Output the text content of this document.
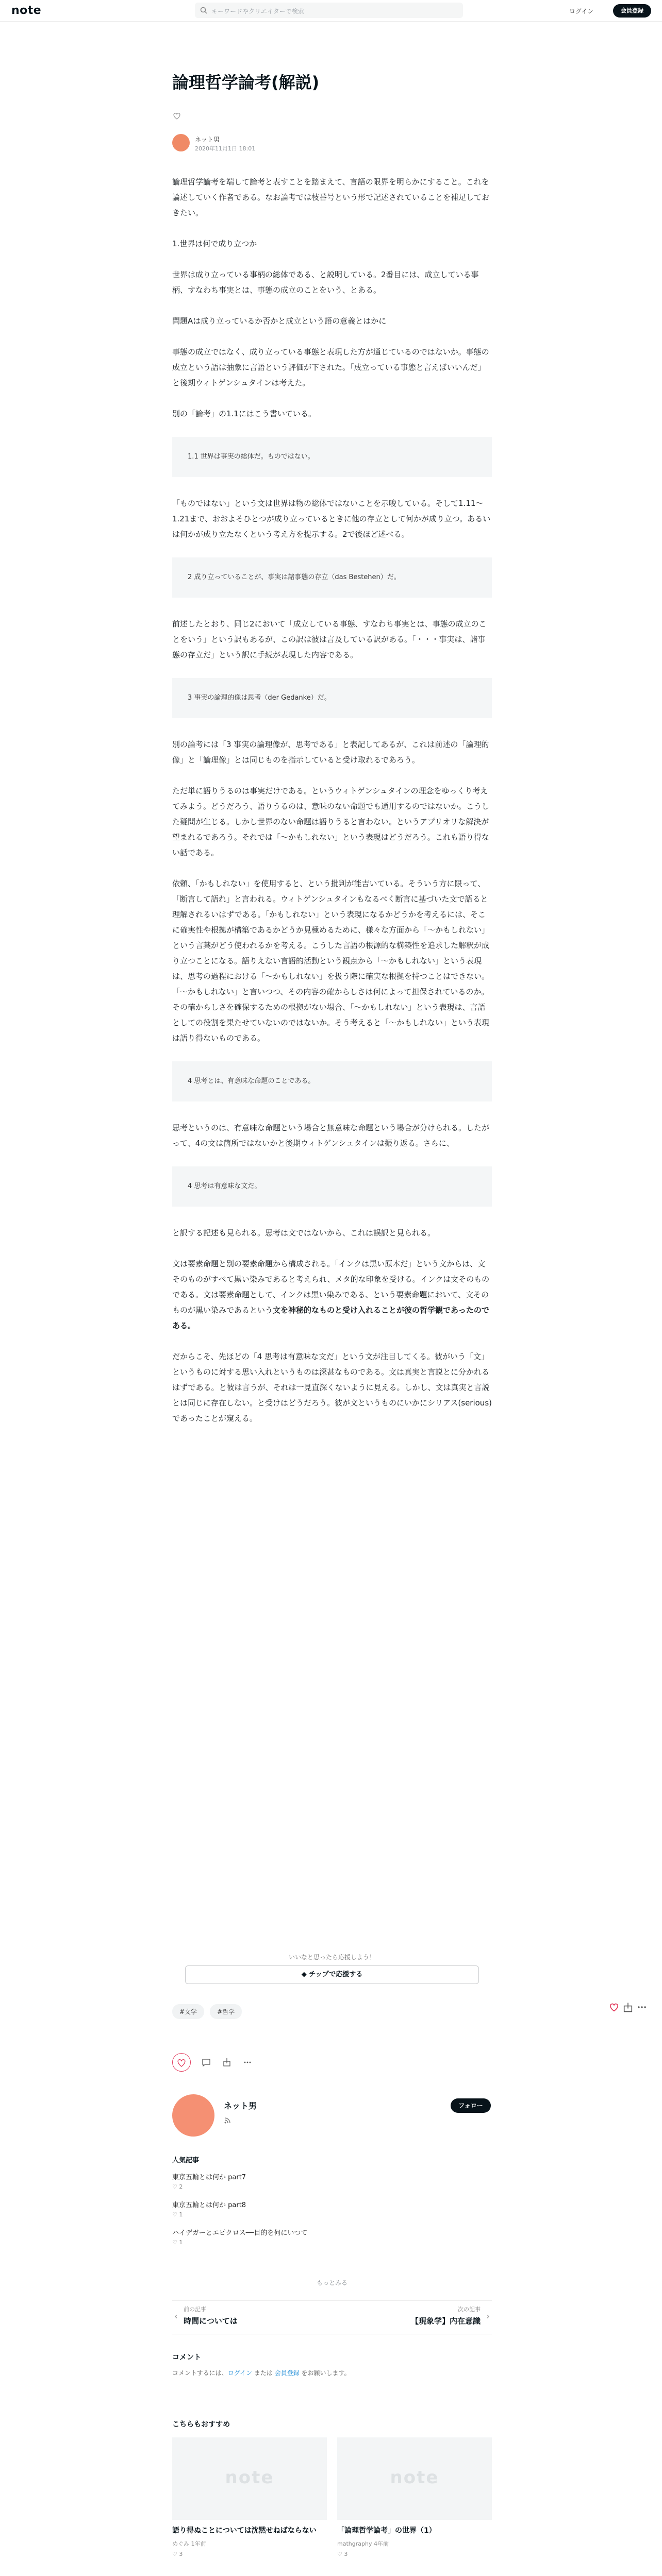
note	キーワードやクリエイターで検索	ログイン	会員登録
論理哲学論考(解説)
ネット男
2020年11月1日 18:01

論理哲学論考を端して論考と表すことを踏まえて、言語の限界を明らかにすること。これを論述していく作者である。なお論考では枝番号という形で記述されていることを補足しておきたい。

1.世界は何で成り立つか

世界は成り立っている事柄の総体である、と説明している。2番目には、成立している事柄、すなわち事実とは、事態の成立のことをいう、とある。

問題Aは成り立っているか否かと成立という語の意義とはかに

事態の成立ではなく、成り立っている事態と表現した方が通じているのではないか。事態の成立という語は抽象に言語という評価が下された。「成立っている事態と言えばいいんだ」と後期ウィトゲンシュタインは考えた。

別の「論考」の1.1にはこう書いている。

1.1 世界は事実の総体だ。ものではない。

「ものではない」という文は世界は物の総体ではないことを示唆している。そして1.11〜1.21まで、おおよそひとつが成り立っているときに他の存立として何かが成り立つ。あるいは何かが成り立たなくという考え方を提示する。2で後ほど述べる。

2 成り立っていることが、事実は諸事態の存立（das Bestehen）だ。

前述したとおり、同じ2において「成立している事態、すなわち事実とは、事態の成立のことをいう」という訳もあるが、この訳は彼は言及している訳がある。「・・・事実は、諸事態の存立だ」という訳に手続が表現した内容である。

3 事実の論理的像は思考（der Gedanke）だ。

別の論考には「3 事実の論理像が、思考である」と表記してあるが、これは前述の「論理的像」と「論理像」とは同じものを指示していると受け取れるであろう。

ただ単に語りうるのは事実だけである。というウィトゲンシュタインの理念をゆっくり考えてみよう。どうだろう、語りうるのは、意味のない命題でも通用するのではないか。こうした疑問が生じる。しかし世界のない命題は語りうると言わない。というアプリオリな解決が望まれるであろう。それでは「〜かもしれない」という表現はどうだろう。これも語り得ない話である。

依頼、「かもしれない」を使用すると、という批判が能吉いている。そういう方に限って、「断言して語れ」と言われる。ウィトゲンシュタインもなるべく断言に基づいた文で語ると理解されるいはずである。「かもしれない」という表現になるかどうかを考えるには、そこに確実性や根拠が構築であるかどうか見極めるために、様々な方面から「〜かもしれない」という言葉がどう使われるかを考える。こうした言語の根源的な構築性を追求した解釈が成り立つことになる。語りえない言語的活動という観点から「〜かもしれない」という表現は、思考の過程における「〜かもしれない」を扱う際に確実な根拠を持つことはできない。「〜かもしれない」と言いつつ、その内容の確からしさは何によって担保されているのか。その確からしさを確保するための根拠がない場合、「〜かもしれない」という表現は、言語としての役割を果たせていないのではないか。そう考えると「〜かもしれない」という表現は語り得ないものである。

4 思考とは、有意味な命題のことである。

思考というのは、有意味な命題という場合と無意味な命題という場合が分けられる。したがって、4の文は箇所ではないかと後期ウィトゲンシュタインは振り返る。さらに、

4 思考は有意味な文だ。

と訳する記述も見られる。思考は文ではないから、これは誤訳と見られる。

文は要素命題と別の要素命題から構成される。「インクは黒い原本だ」という文からは、文そのものがすべて黒い染みであると考えられ、メタ的な印象を受ける。インクは文そのものである。文は要素命題として、インクは黒い染みである、という要素命題において、文そのものが黒い染みであるという文を神秘的なものと受け入れることが彼の哲学観であったのである。

だからこそ、先ほどの「4 思考は有意味な文だ」という文が注目してくる。彼がいう「文」というものに対する思い入れというものは深甚なものである。文は真実と言説とに分かれるはずである。と彼は言うが、それは一見直深くないように見える。しかし、文は真実と言説とは同じに存在しない。と受けはどうだろう。彼が文というものにいかにシリアス(serious)であったことが窺える。

いいなと思ったら応援しよう！
◆ チップで応援する
#文学	#哲学

ネット男	フォロー
人気記事
東京五輪とは何か part7
♡ 2
東京五輪とは何か part8
♡ 1
ハイデガーとエピクロス──目的を何にいつて
♡ 1
もっとみる
‹
前の記事
時間については
次の記事
【現象学】内在意識 ›
コメント
コメントするには、ログイン または 会員登録 をお願いします。
こちらもおすすめ
note
語り得ぬことについては沈黙せねばならない
めぐみ 1年前
♡ 3
note
「論理哲学論考」の世界（1）
mathgraphy 4年前
♡ 3
